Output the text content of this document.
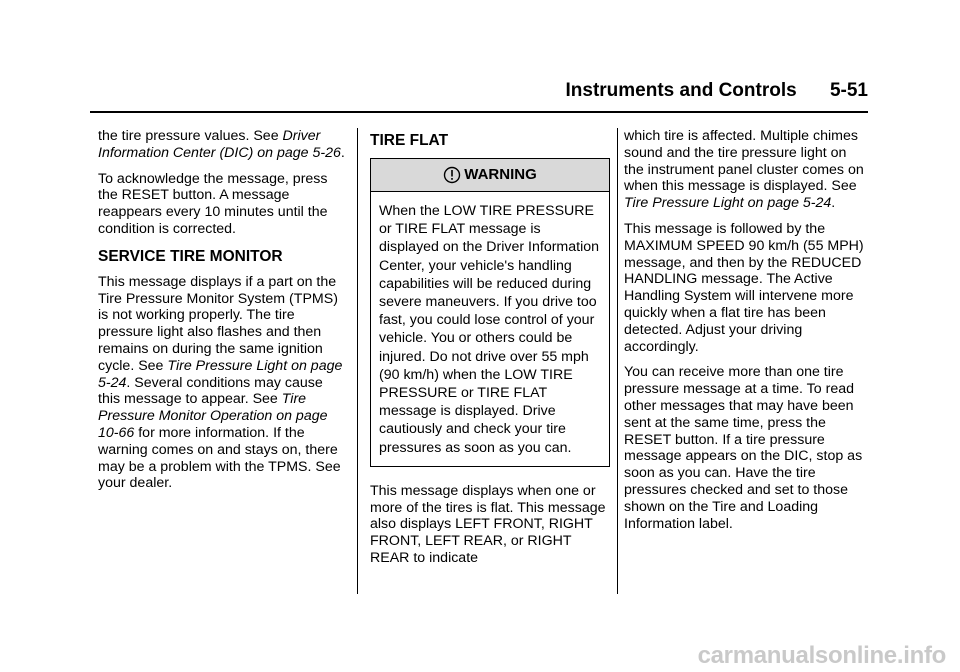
Instruments and Controls 5-51

the tire pressure values. See Driver Information Center (DIC) on page 5-26.

To acknowledge the message, press the RESET button. A message reappears every 10 minutes until the condition is corrected.

SERVICE TIRE MONITOR

This message displays if a part on the Tire Pressure Monitor System (TPMS) is not working properly. The tire pressure light also flashes and then remains on during the same ignition cycle. See Tire Pressure Light on page 5-24. Several conditions may cause this message to appear. See Tire Pressure Monitor Operation on page 10-66 for more information. If the warning comes on and stays on, there may be a problem with the TPMS. See your dealer.

TIRE FLAT
WARNING
When the LOW TIRE PRESSURE or TIRE FLAT message is displayed on the Driver Information Center, your vehicle's handling capabilities will be reduced during severe maneuvers. If you drive too fast, you could lose control of your vehicle. You or others could be injured. Do not drive over 55 mph (90 km/h) when the LOW TIRE PRESSURE or TIRE FLAT message is displayed. Drive cautiously and check your tire pressures as soon as you can.

This message displays when one or more of the tires is flat. This message also displays LEFT FRONT, RIGHT FRONT, LEFT REAR, or RIGHT REAR to indicate

which tire is affected. Multiple chimes sound and the tire pressure light on the instrument panel cluster comes on when this message is displayed. See Tire Pressure Light on page 5-24.

This message is followed by the MAXIMUM SPEED 90 km/h (55 MPH) message, and then by the REDUCED HANDLING message. The Active Handling System will intervene more quickly when a flat tire has been detected. Adjust your driving accordingly.

You can receive more than one tire pressure message at a time. To read other messages that may have been sent at the same time, press the RESET button. If a tire pressure message appears on the DIC, stop as soon as you can. Have the tire pressures checked and set to those shown on the Tire and Loading Information label.

carmanualsonline.info
